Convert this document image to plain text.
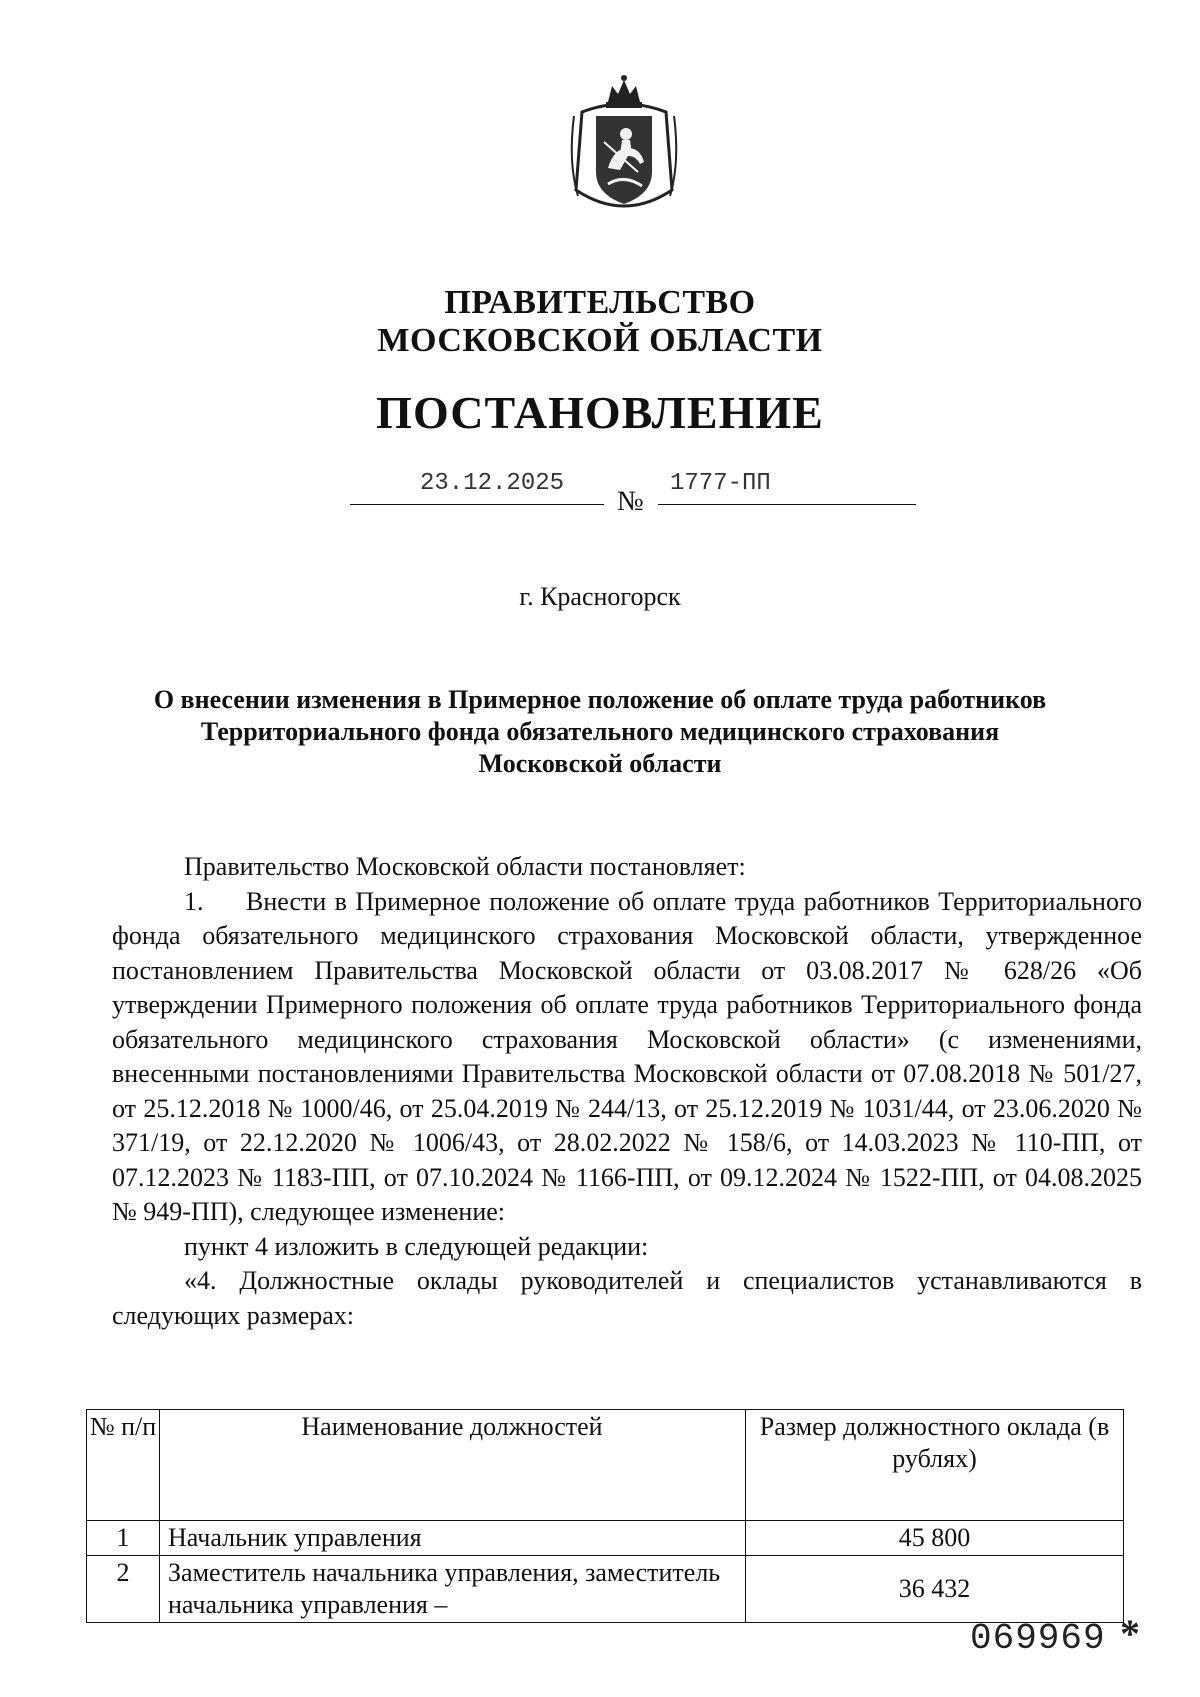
ПРАВИТЕЛЬСТВО
МОСКОВСКОЙ ОБЛАСТИ
ПОСТАНОВЛЕНИЕ
23.12.2025
№
1777-ПП
г. Красногорск
О внесении изменения в Примерное положение об оплате труда работников
Территориального фонда обязательного медицинского страхования
Московской области

Правительство Московской области постановляет:

1. Внести в Примерное положение об оплате труда работников Территориального фонда обязательного медицинского страхования Московской области, утвержденное постановлением Правительства Московской области от 03.08.2017 № 628/26 «Об утверждении Примерного положения об оплате труда работников Территориального фонда обязательного медицинского страхования Московской области» (с изменениями, внесенными постановлениями Правительства Московской области от 07.08.2018 № 501/27, от 25.12.2018 № 1000/46, от 25.04.2019 № 244/13, от 25.12.2019 № 1031/44, от 23.06.2020 № 371/19, от 22.12.2020 № 1006/43, от 28.02.2022 № 158/6, от 14.03.2023 № 110-ПП, от 07.12.2023 № 1183-ПП, от 07.10.2024 № 1166-ПП, от 09.12.2024 № 1522-ПП, от 04.08.2025 № 949-ПП), следующее изменение:

пункт 4 изложить в следующей редакции:

«4. Должностные оклады руководителей и специалистов устанавливаются в следующих размерах:

№ п/п	Наименование должностей	Размер должностного оклада (в рублях)
1	Начальник управления	45 800
2	Заместитель начальника управления, заместитель начальника управления –	36 432
069969 *
